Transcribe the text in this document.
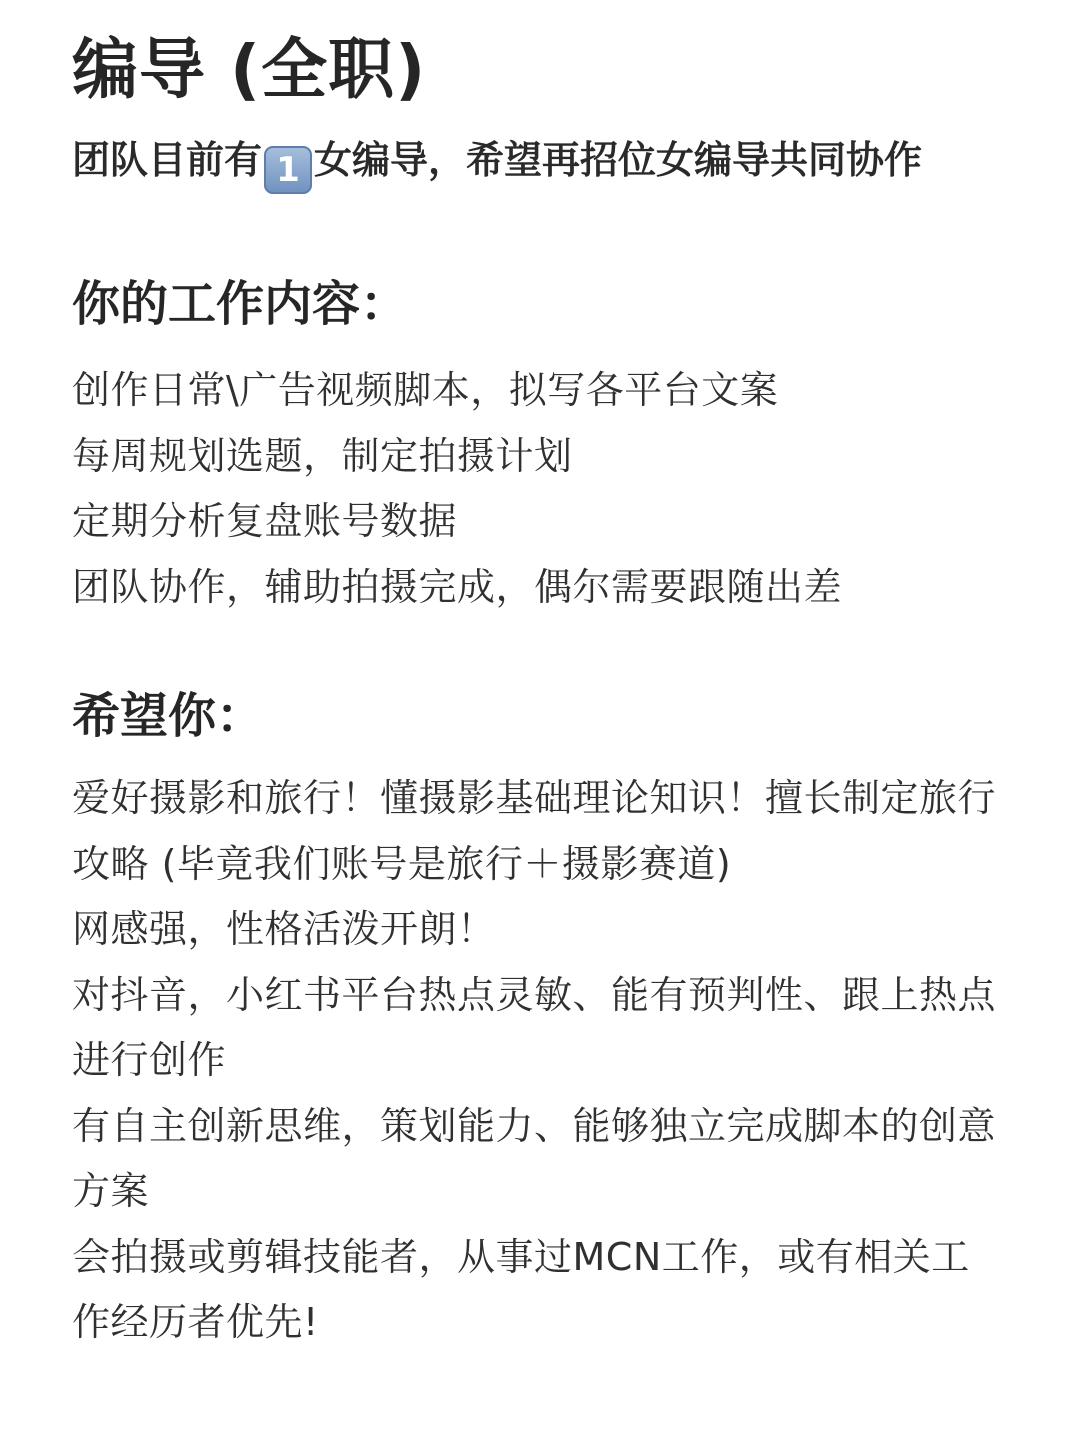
编导 (全职)

团队目前有 1 女编导，希望再招位女编导共同协作

你的工作内容：
创作日常\广告视频脚本，拟写各平台文案
每周规划选题，制定拍摄计划
定期分析复盘账号数据
团队协作，辅助拍摄完成，偶尔需要跟随出差
希望你：
爱好摄影和旅行！懂摄影基础理论知识！擅长制定旅行攻略 (毕竟我们账号是旅行＋摄影赛道)
网感强，性格活泼开朗！
对抖音，小红书平台热点灵敏、能有预判性、跟上热点进行创作
有自主创新思维，策划能力、能够独立完成脚本的创意方案
会拍摄或剪辑技能者，从事过MCN工作，或有相关工作经历者优先!
